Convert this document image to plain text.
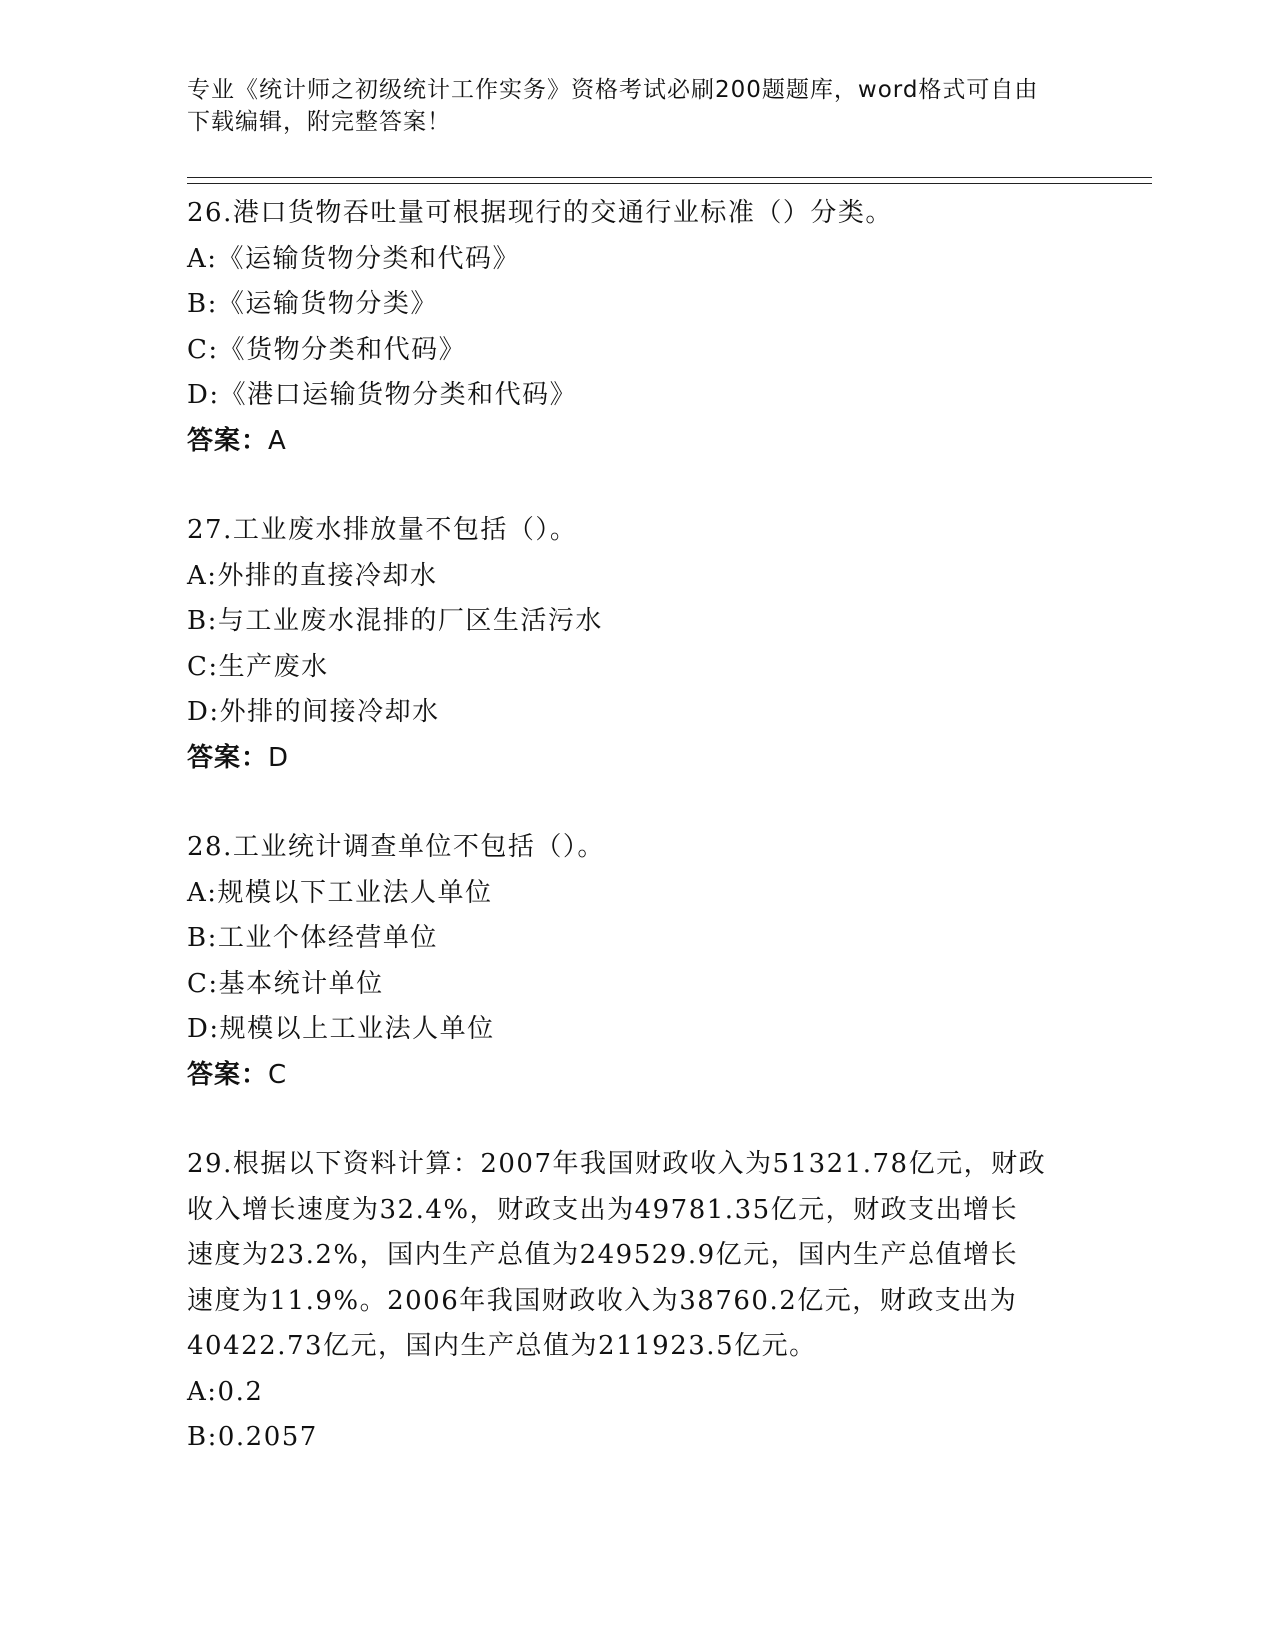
专业《统计师之初级统计工作实务》资格考试必刷200题题库，word格式可自由
下载编辑，附完整答案！
26.港口货物吞吐量可根据现行的交通行业标准（）分类。
A:《运输货物分类和代码》
B:《运输货物分类》
C:《货物分类和代码》
D:《港口运输货物分类和代码》
答案：A
27.工业废水排放量不包括（）。
A:外排的直接冷却水
B:与工业废水混排的厂区生活污水
C:生产废水
D:外排的间接冷却水
答案：D
28.工业统计调查单位不包括（）。
A:规模以下工业法人单位
B:工业个体经营单位
C:基本统计单位
D:规模以上工业法人单位
答案：C
29.根据以下资料计算：2007年我国财政收入为51321.78亿元，财政
收入增长速度为32.4%，财政支出为49781.35亿元，财政支出增长
速度为23.2%，国内生产总值为249529.9亿元，国内生产总值增长
速度为11.9%。2006年我国财政收入为38760.2亿元，财政支出为
40422.73亿元，国内生产总值为211923.5亿元。
A:0.2
B:0.2057
